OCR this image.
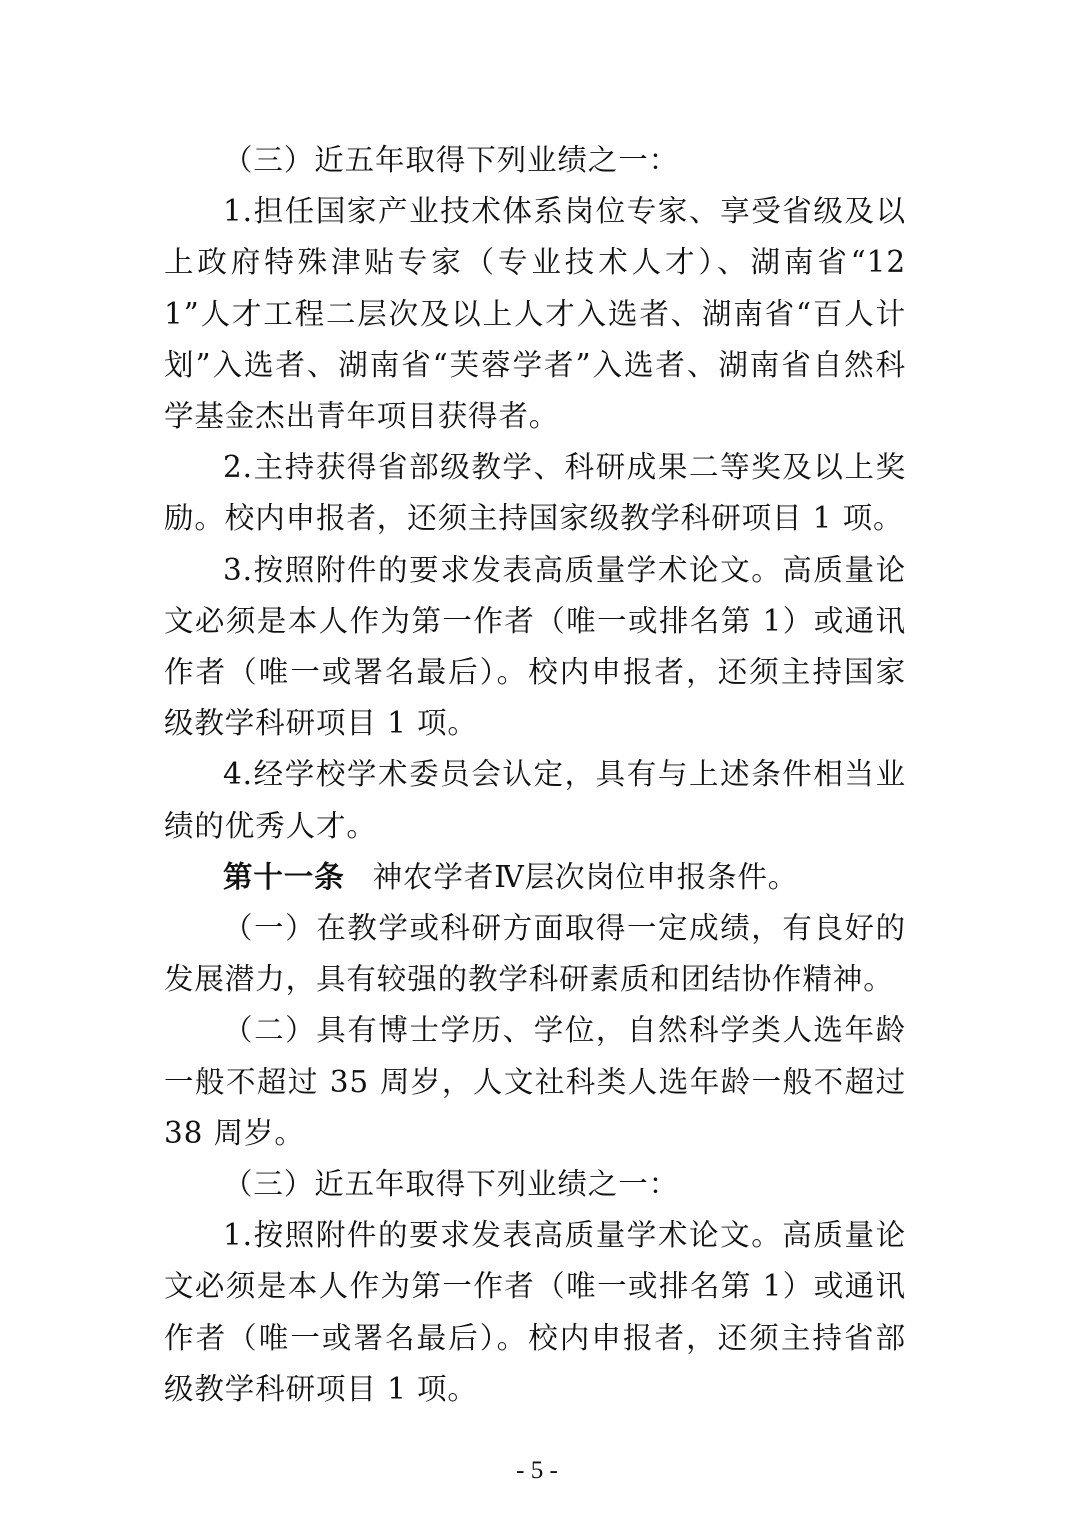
（三）近五年取得下列业绩之一：

1.担任国家产业技术体系岗位专家、享受省级及以上政府特殊津贴专家（专业技术人才）、湖南省“121”人才工程二层次及以上人才入选者、湖南省“百人计划”入选者、湖南省“芙蓉学者”入选者、湖南省自然科学基金杰出青年项目获得者。

2.主持获得省部级教学、科研成果二等奖及以上奖励。校内申报者，还须主持国家级教学科研项目 1 项。

3.按照附件的要求发表高质量学术论文。高质量论文必须是本人作为第一作者（唯一或排名第 1）或通讯作者（唯一或署名最后）。校内申报者，还须主持国家级教学科研项目 1 项。

4.经学校学术委员会认定，具有与上述条件相当业绩的优秀人才。

第十一条 神农学者Ⅳ层次岗位申报条件。

（一）在教学或科研方面取得一定成绩，有良好的发展潜力，具有较强的教学科研素质和团结协作精神。

（二）具有博士学历、学位，自然科学类人选年龄一般不超过 35 周岁，人文社科类人选年龄一般不超过 38 周岁。

（三）近五年取得下列业绩之一：

1.按照附件的要求发表高质量学术论文。高质量论文必须是本人作为第一作者（唯一或排名第 1）或通讯作者（唯一或署名最后）。校内申报者，还须主持省部级教学科研项目 1 项。

- 5 -
